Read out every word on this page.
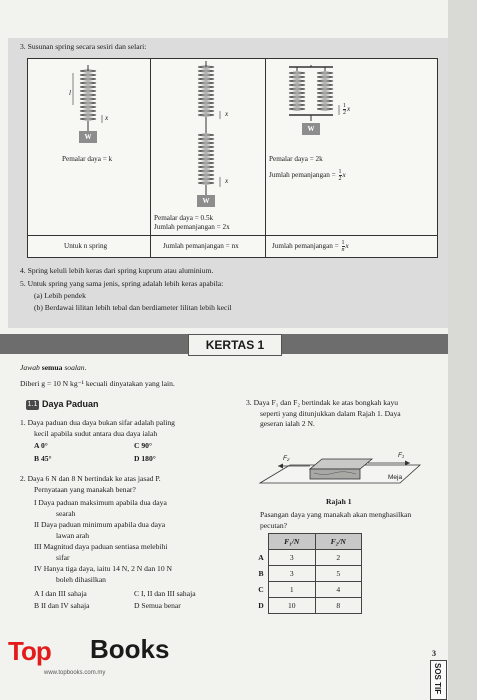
3. Susunan spring secara sesiri dan selari:
l
x
W
Pemalar daya = k
x
x
W
Pemalar daya = 0.5k
Jumlah pemanjangan = 2x
$\frac{1}{2}$ x
W
Pemalar daya = 2k
Jumlah pemanjangan = $\frac{1}{2}$ x
Untuk n spring	Jumlah pemanjangan = nx	Jumlah pemanjangan = $\frac{1}{n}x$
4. Spring keluli lebih keras dari spring kuprum atau aluminium.
5. Untuk spring yang sama jenis, spring adalah lebih keras apabila:
(a) Lebih pendek
(b) Berdawai lilitan lebih tebal dan berdiameter lilitan lebih kecil
KERTAS 1
Jawab semua soalan.
Diberi g = 10 N kg⁻¹ kecuali dinyatakan yang lain.
1.1 Daya Paduan
1. Daya paduan dua daya bukan sifar adalah paling
kecil apabila sudut antara dua daya ialah
A 0°	C 90°
B 45°	D 180°
2. Daya 6 N dan 8 N bertindak ke atas jasad P.
Pernyataan yang manakah benar?
I Daya paduan maksimum apabila dua daya
searah
II Daya paduan minimum apabila dua daya
lawan arah
III Magnitud daya paduan sentiasa melebihi
sifar
IV Hanya tiga daya, iaitu 14 N, 2 N dan 10 N
boleh dihasilkan
A I dan III sahaja	C I, II dan III sahaja
B II dan IV sahaja	D Semua benar
3. Daya F₁ dan F₂ bertindak ke atas bongkah kayu
seperti yang ditunjukkan dalam Rajah 1. Daya
geseran ialah 2 N.
F₂	F₁
Meja
Rajah 1
Pasangan daya yang manakah akan menghasilkan
pecutan?
	F₁/N	F₂/N
A	3	2
B	3	5
C	1	4
D	10	8
3
SOS TIF
Top Books
www.topbooks.com.my
